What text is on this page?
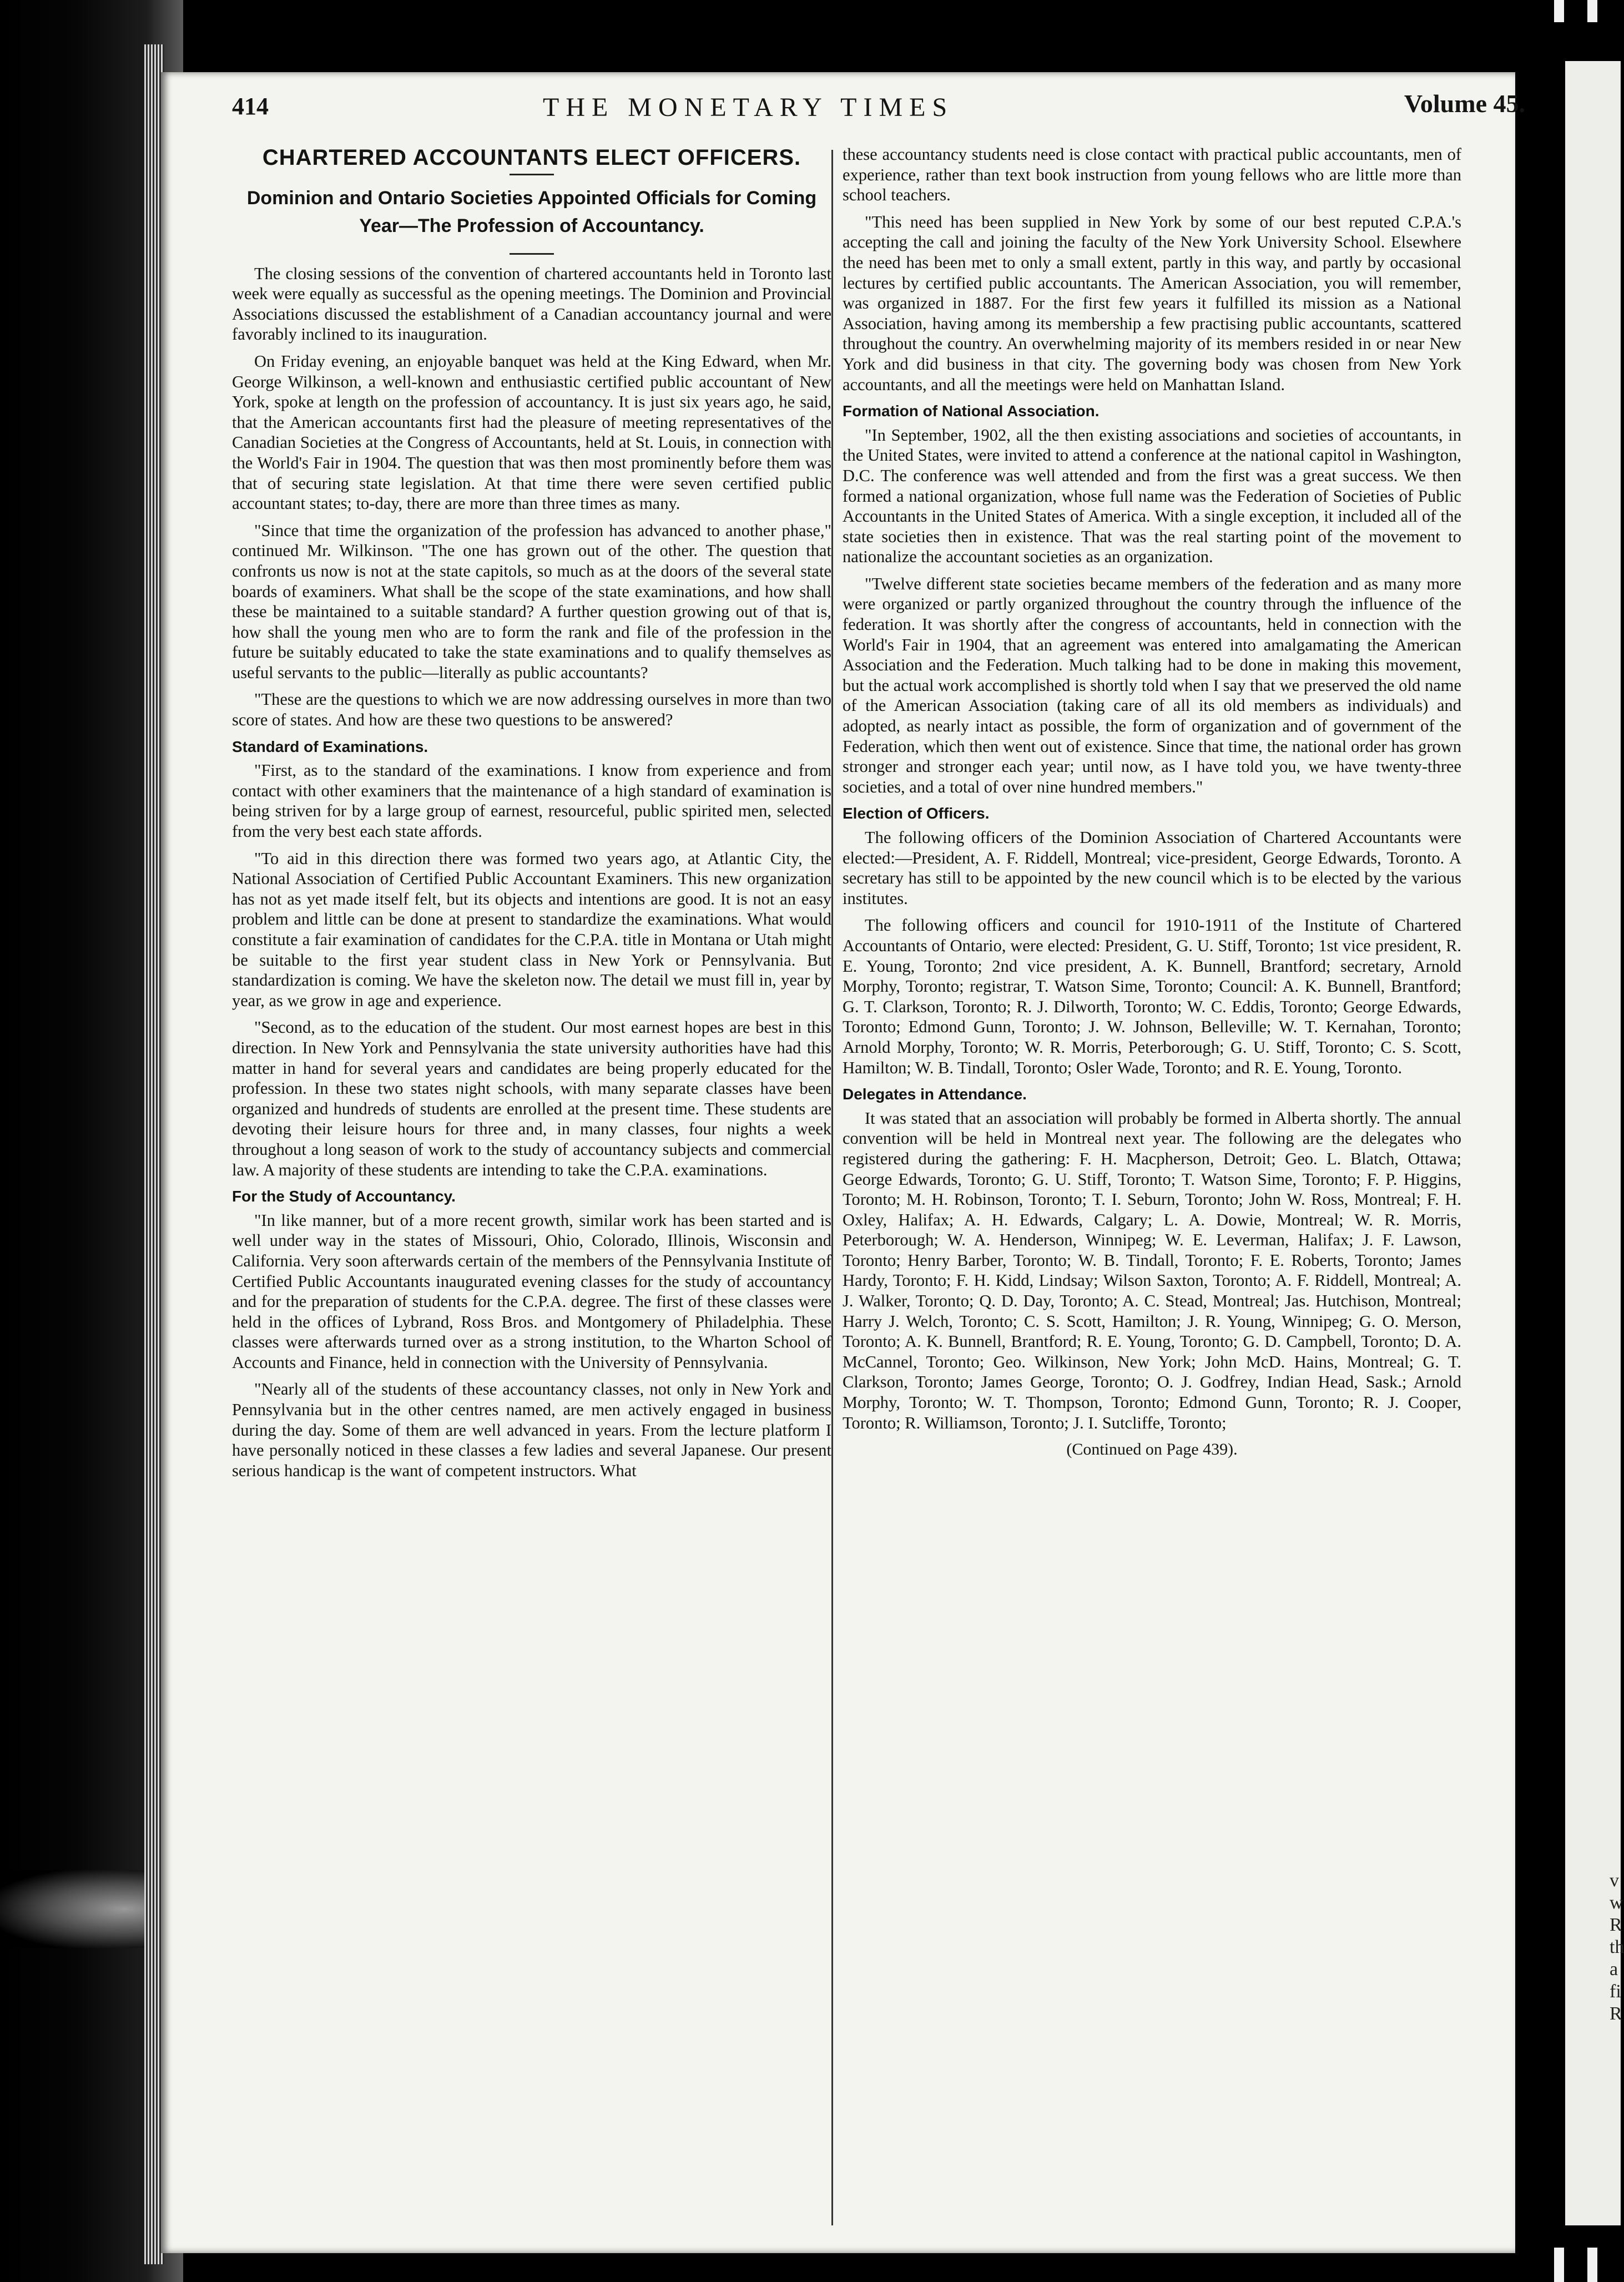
v
w
R
th
a
fi
R
414	THE MONETARY TIMES	Volume 45.
CHARTERED ACCOUNTANTS ELECT OFFICERS.
Dominion and Ontario Societies Appointed Officials for Coming Year—The Profession of Accountancy.

The closing sessions of the convention of chartered accountants held in Toronto last week were equally as successful as the opening meetings. The Dominion and Provincial Associations discussed the establishment of a Canadian accountancy journal and were favorably inclined to its inauguration.

On Friday evening, an enjoyable banquet was held at the King Edward, when Mr. George Wilkinson, a well-known and enthusiastic certified public accountant of New York, spoke at length on the profession of accountancy. It is just six years ago, he said, that the American accountants first had the pleasure of meeting representatives of the Canadian Societies at the Congress of Accountants, held at St. Louis, in connection with the World's Fair in 1904. The question that was then most prominently before them was that of securing state legislation. At that time there were seven certified public accountant states; to-day, there are more than three times as many.

"Since that time the organization of the profession has advanced to another phase," continued Mr. Wilkinson. "The one has grown out of the other. The question that confronts us now is not at the state capitols, so much as at the doors of the several state boards of examiners. What shall be the scope of the state examinations, and how shall these be maintained to a suitable standard? A further question growing out of that is, how shall the young men who are to form the rank and file of the profession in the future be suitably educated to take the state examinations and to qualify themselves as useful servants to the public—literally as public accountants?

"These are the questions to which we are now addressing ourselves in more than two score of states. And how are these two questions to be answered?

Standard of Examinations.

"First, as to the standard of the examinations. I know from experience and from contact with other examiners that the maintenance of a high standard of examination is being striven for by a large group of earnest, resourceful, public spirited men, selected from the very best each state affords.

"To aid in this direction there was formed two years ago, at Atlantic City, the National Association of Certified Public Accountant Examiners. This new organization has not as yet made itself felt, but its objects and intentions are good. It is not an easy problem and little can be done at present to standardize the examinations. What would constitute a fair examination of candidates for the C.P.A. title in Montana or Utah might be suitable to the first year student class in New York or Pennsylvania. But standardization is coming. We have the skeleton now. The detail we must fill in, year by year, as we grow in age and experience.

"Second, as to the education of the student. Our most earnest hopes are best in this direction. In New York and Pennsylvania the state university authorities have had this matter in hand for several years and candidates are being properly educated for the profession. In these two states night schools, with many separate classes have been organized and hundreds of students are enrolled at the present time. These students are devoting their leisure hours for three and, in many classes, four nights a week throughout a long season of work to the study of accountancy subjects and commercial law. A majority of these students are intending to take the C.P.A. examinations.

For the Study of Accountancy.

"In like manner, but of a more recent growth, similar work has been started and is well under way in the states of Missouri, Ohio, Colorado, Illinois, Wisconsin and California. Very soon afterwards certain of the members of the Pennsylvania Institute of Certified Public Accountants inaugurated evening classes for the study of accountancy and for the preparation of students for the C.P.A. degree. The first of these classes were held in the offices of Lybrand, Ross Bros. and Montgomery of Philadelphia. These classes were afterwards turned over as a strong institution, to the Wharton School of Accounts and Finance, held in connection with the University of Pennsylvania.

"Nearly all of the students of these accountancy classes, not only in New York and Pennsylvania but in the other centres named, are men actively engaged in business during the day. Some of them are well advanced in years. From the lecture platform I have personally noticed in these classes a few ladies and several Japanese. Our present serious handicap is the want of competent instructors. What

these accountancy students need is close contact with practical public accountants, men of experience, rather than text book instruction from young fellows who are little more than school teachers.

"This need has been supplied in New York by some of our best reputed C.P.A.'s accepting the call and joining the faculty of the New York University School. Elsewhere the need has been met to only a small extent, partly in this way, and partly by occasional lectures by certified public accountants. The American Association, you will remember, was organized in 1887. For the first few years it fulfilled its mission as a National Association, having among its membership a few practising public accountants, scattered throughout the country. An overwhelming majority of its members resided in or near New York and did business in that city. The governing body was chosen from New York accountants, and all the meetings were held on Manhattan Island.

Formation of National Association.

"In September, 1902, all the then existing associations and societies of accountants, in the United States, were invited to attend a conference at the national capitol in Washington, D.C. The conference was well attended and from the first was a great success. We then formed a national organization, whose full name was the Federation of Societies of Public Accountants in the United States of America. With a single exception, it included all of the state societies then in existence. That was the real starting point of the movement to nationalize the accountant societies as an organization.

"Twelve different state societies became members of the federation and as many more were organized or partly organized throughout the country through the influence of the federation. It was shortly after the congress of accountants, held in connection with the World's Fair in 1904, that an agreement was entered into amalgamating the American Association and the Federation. Much talking had to be done in making this movement, but the actual work accomplished is shortly told when I say that we preserved the old name of the American Association (taking care of all its old members as individuals) and adopted, as nearly intact as possible, the form of organization and of government of the Federation, which then went out of existence. Since that time, the national order has grown stronger and stronger each year; until now, as I have told you, we have twenty-three societies, and a total of over nine hundred members."

Election of Officers.

The following officers of the Dominion Association of Chartered Accountants were elected:—President, A. F. Riddell, Montreal; vice-president, George Edwards, Toronto. A secretary has still to be appointed by the new council which is to be elected by the various institutes.

The following officers and council for 1910-1911 of the Institute of Chartered Accountants of Ontario, were elected: President, G. U. Stiff, Toronto; 1st vice president, R. E. Young, Toronto; 2nd vice president, A. K. Bunnell, Brantford; secretary, Arnold Morphy, Toronto; registrar, T. Watson Sime, Toronto; Council: A. K. Bunnell, Brantford; G. T. Clarkson, Toronto; R. J. Dilworth, Toronto; W. C. Eddis, Toronto; George Edwards, Toronto; Edmond Gunn, Toronto; J. W. Johnson, Belleville; W. T. Kernahan, Toronto; Arnold Morphy, Toronto; W. R. Morris, Peterborough; G. U. Stiff, Toronto; C. S. Scott, Hamilton; W. B. Tindall, Toronto; Osler Wade, Toronto; and R. E. Young, Toronto.

Delegates in Attendance.

It was stated that an association will probably be formed in Alberta shortly. The annual convention will be held in Montreal next year. The following are the delegates who registered during the gathering: F. H. Macpherson, Detroit; Geo. L. Blatch, Ottawa; George Edwards, Toronto; G. U. Stiff, Toronto; T. Watson Sime, Toronto; F. P. Higgins, Toronto; M. H. Robinson, Toronto; T. I. Seburn, Toronto; John W. Ross, Montreal; F. H. Oxley, Halifax; A. H. Edwards, Calgary; L. A. Dowie, Montreal; W. R. Morris, Peterborough; W. A. Henderson, Winnipeg; W. E. Leverman, Halifax; J. F. Lawson, Toronto; Henry Barber, Toronto; W. B. Tindall, Toronto; F. E. Roberts, Toronto; James Hardy, Toronto; F. H. Kidd, Lindsay; Wilson Saxton, Toronto; A. F. Riddell, Montreal; A. J. Walker, Toronto; Q. D. Day, Toronto; A. C. Stead, Montreal; Jas. Hutchison, Montreal; Harry J. Welch, Toronto; C. S. Scott, Hamilton; J. R. Young, Winnipeg; G. O. Merson, Toronto; A. K. Bunnell, Brantford; R. E. Young, Toronto; G. D. Campbell, Toronto; D. A. McCannel, Toronto; Geo. Wilkinson, New York; John McD. Hains, Montreal; G. T. Clarkson, Toronto; James George, Toronto; O. J. Godfrey, Indian Head, Sask.; Arnold Morphy, Toronto; W. T. Thompson, Toronto; Edmond Gunn, Toronto; R. J. Cooper, Toronto; R. Williamson, Toronto; J. I. Sutcliffe, Toronto;

(Continued on Page 439).
